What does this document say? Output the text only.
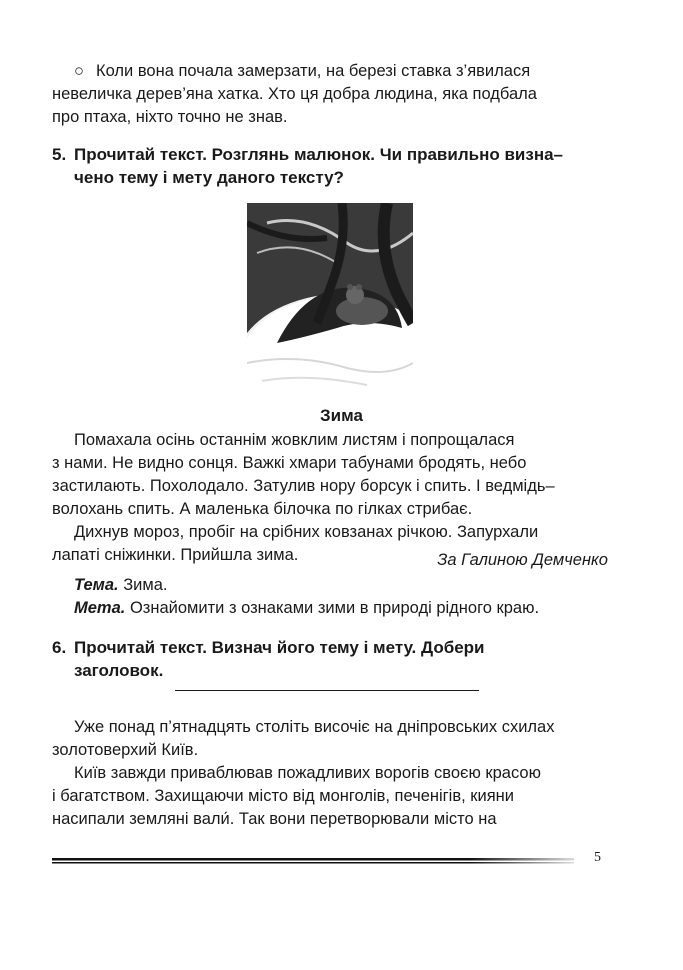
○ Коли вона почала замерзати, на березі ставка з’явилася

невеличка дерев’яна хатка. Хто ця добра людина, яка подбала

про птаха, ніхто точно не знав.

5. Прочитай текст. Розглянь малюнок. Чи правильно визна–
чено тему і мету даного тексту?

Зима

Помахала осінь останнім жовклим листям і попрощалася

з нами. Не видно сонця. Важкі хмари табунами бродять, небо

застилають. Похолодало. Затулив нору борсук і спить. І ведмідь–

волохань спить. А маленька білочка по гілках стрибає.

Дихнув мороз, пробіг на срібних ковзанах річкою. Запурхали

лапаті сніжинки. Прийшла зима.	За Галиною Демченко

Тема. Зима.

Мета. Ознайомити з ознаками зими в природі рідного краю.

6. Прочитай текст. Визнач його тему і мету. Добери
заголовок.

Уже понад п’ятнадцять століть височіє на дніпровських схилах

золотоверхий Київ.

Київ завжди приваблював пожадливих ворогів своєю красою

і багатством. Захищаючи місто від монголів, печенігів, кияни

насипали земляні вали́. Так вони перетворювали місто на

5
